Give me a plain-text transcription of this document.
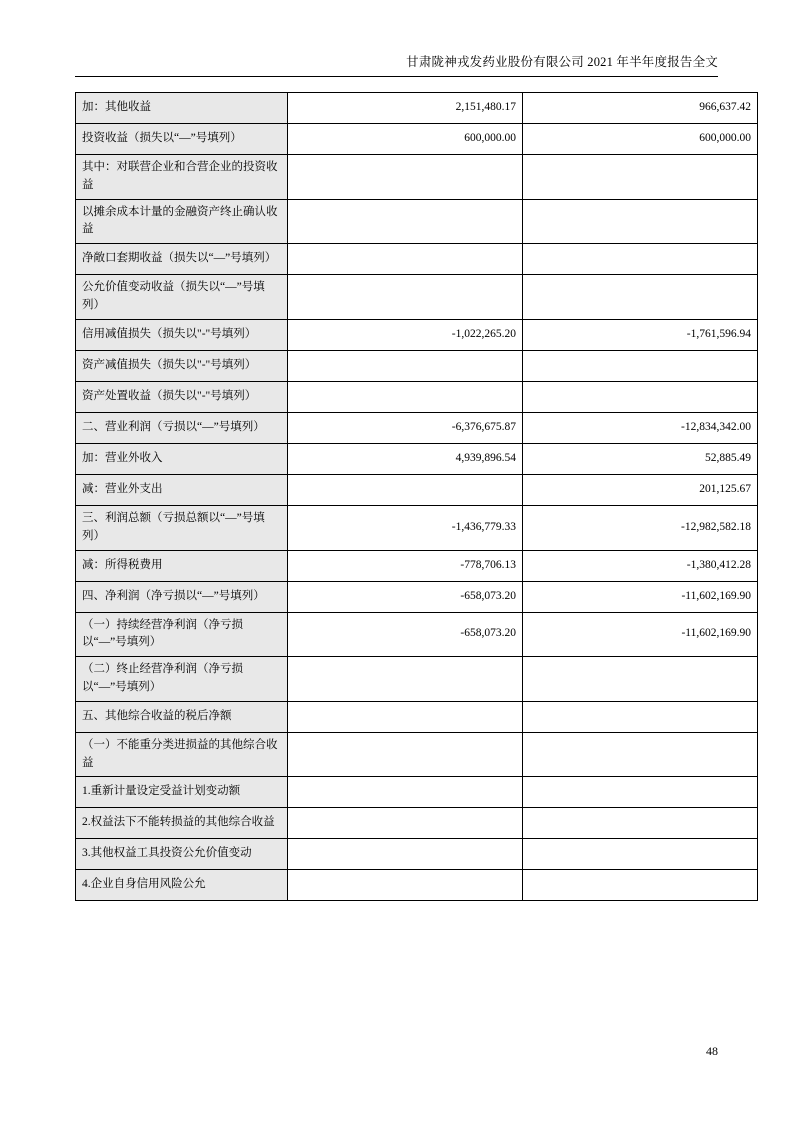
甘肃陇神戎发药业股份有限公司 2021 年半年度报告全文
加：其他收益	2,151,480.17	966,637.42
投资收益（损失以“—”号填列）	600,000.00	600,000.00
其中：对联营企业和合营企业的投资收益		
以摊余成本计量的金融资产终止确认收益		
净敞口套期收益（损失以“—”号填列）		
公允价值变动收益（损失以“—”号填列）		
信用减值损失（损失以"-"号填列）	-1,022,265.20	-1,761,596.94
资产减值损失（损失以"-"号填列）		
资产处置收益（损失以"-"号填列）		
二、营业利润（亏损以“—”号填列）	-6,376,675.87	-12,834,342.00
加：营业外收入	4,939,896.54	52,885.49
减：营业外支出		201,125.67
三、利润总额（亏损总额以“—”号填列）	-1,436,779.33	-12,982,582.18
减：所得税费用	-778,706.13	-1,380,412.28
四、净利润（净亏损以“—”号填列）	-658,073.20	-11,602,169.90
（一）持续经营净利润（净亏损以“—”号填列）	-658,073.20	-11,602,169.90
（二）终止经营净利润（净亏损以“—”号填列）		
五、其他综合收益的税后净额		
（一）不能重分类进损益的其他综合收益		
1.重新计量设定受益计划变动额		
2.权益法下不能转损益的其他综合收益		
3.其他权益工具投资公允价值变动		
4.企业自身信用风险公允		
48
